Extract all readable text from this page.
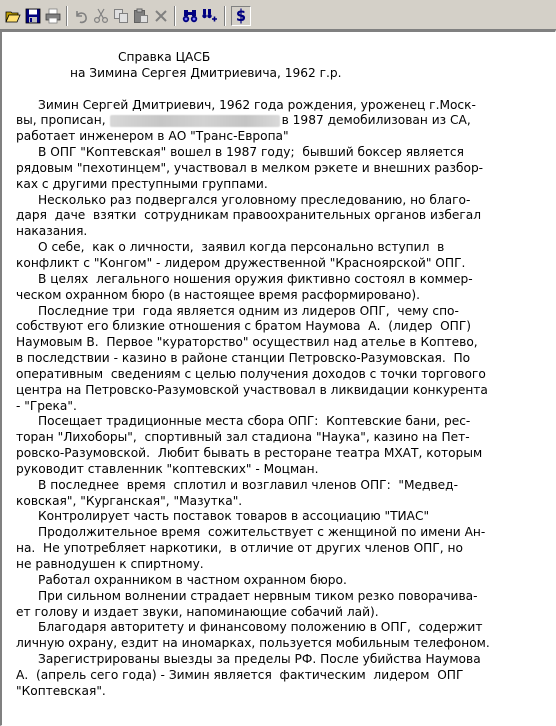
S
Справка ЦАСБ
на Зимина Сергея Дмитриевича, 1962 г.р.
Зимин Сергей Дмитриевич, 1962 года рождения, уроженец г.Моск-
вы, прописан,	в 1987 демобилизован из СА,
работает инженером в АО "Транс-Европа"
В ОПГ "Коптевская" вошел в 1987 году;  бывший боксер является
рядовым "пехотинцем", участвовал в мелком рэкете и внешних разбор-
ках с другими преступными группами.
Несколько раз подвергался уголовному преследованию, но благо-
даря  даче  взятки  сотрудникам правоохранительных органов избегал
наказания.
О себе,  как о личности,  заявил когда персонально вступил  в
конфликт с "Конгом" - лидером дружественной "Красноярской" ОПГ.
В целях  легального ношения оружия фиктивно состоял в коммер-
ческом охранном бюро (в настоящее время расформировано).
Последние три  года является одним из лидеров ОПГ,  чему спо-
собствуют его близкие отношения с братом Наумова  А.  (лидер  ОПГ)
Наумовым В.  Первое "кураторство" осуществил над ателье в Коптево,
в последствии - казино в районе станции Петровско-Разумовская.  По
оперативным  сведениям с целью получения доходов с точки торгового
центра на Петровско-Разумовской участвовал в ликвидации конкурента
- "Грека".
Посещает традиционные места сбора ОПГ:  Коптевские бани, рес-
торан "Лихоборы",  спортивный зал стадиона "Наука", казино на Пет-
ровско-Разумовской.  Любит бывать в ресторане театра МХАТ, которым
руководит ставленник "коптевских" - Моцман.
В последнее  время  сплотил и возглавил членов ОПГ:  "Медвед-
ковская", "Курганская", "Мазутка".
Контролирует часть поставок товаров в ассоциацию "ТИАС"
Продолжительное время  сожительствует с женщиной по имени Ан-
на.  Не употребляет наркотики,  в отличие от других членов ОПГ, но
не равнодушен к спиртному.
Работал охранником в частном охранном бюро.
При сильном волнении страдает нервным тиком резко поворачива-
ет голову и издает звуки, напоминающие собачий лай).
Благодаря авторитету и финансовому положению в ОПГ,  содержит
личную охрану, ездит на иномарках, пользуется мобильным телефоном.
Зарегистрированы выезды за пределы РФ. После убийства Наумова
А.  (апрель сего года) - Зимин является  фактическим  лидером  ОПГ
"Коптевская".
